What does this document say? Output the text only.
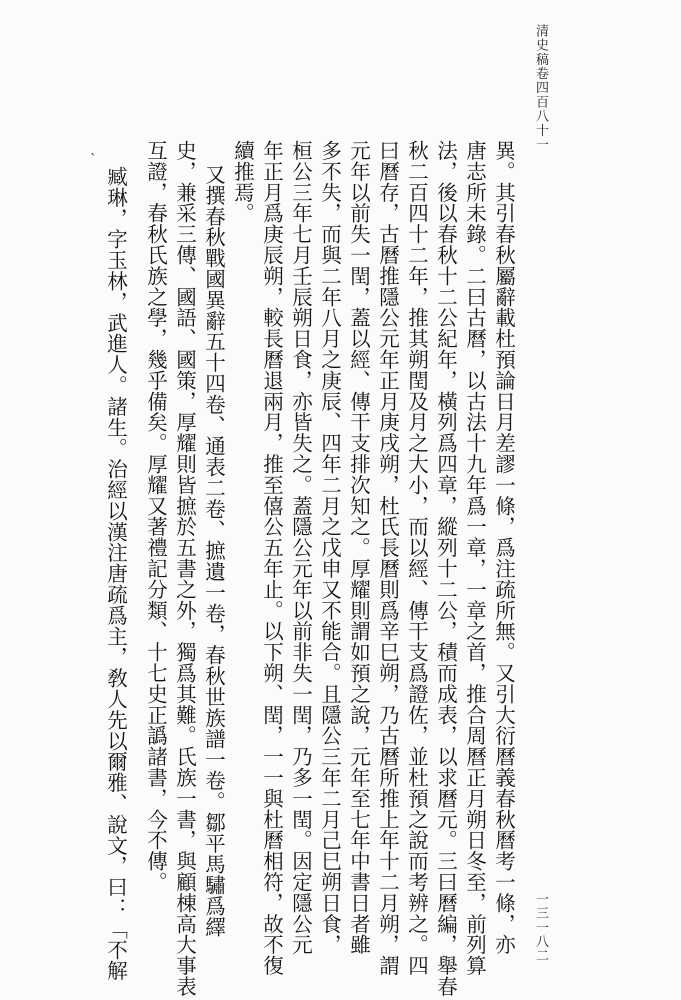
清史稿卷四百八十一
一三一八二
異。其引春秋屬辭載杜預論日月差謬一條，爲注疏所無。又引大衍曆義春秋曆考一條，亦
唐志所未錄。二曰古曆，以古法十九年爲一章，一章之首，推合周曆正月朔日冬至，前列算
法，後以春秋十二公紀年，橫列爲四章，縱列十二公，積而成表，以求曆元。三曰曆編，舉春
秋二百四十二年，推其朔閏及月之大小，而以經、傳干支爲證佐，並杜預之說而考辨之。四
曰曆存，古曆推隱公元年正月庚戌朔，杜氏長曆則爲辛巳朔，乃古曆所推上年十二月朔，謂
元年以前失一閏，蓋以經、傳干支排次知之。厚耀則謂如預之說，元年至七年中書日者雖
多不失，而與二年八月之庚辰、四年二月之戊申又不能合。且隱公三年二月己巳朔日食，
桓公三年七月壬辰朔日食，亦皆失之。蓋隱公元年以前非失一閏，乃多一閏。因定隱公元
年正月爲庚辰朔，較長曆退兩月，推至僖公五年止。以下朔、閏，一一與杜曆相符，故不復
續推焉。
又撰春秋戰國異辭五十四卷、通表二卷、摭遺一卷，春秋世族譜一卷。鄒平馬驌爲繹
史，兼采三傳、國語、國策，厚耀則皆摭於五書之外，獨爲其難。氏族一書，與顧棟高大事表
互證，春秋氏族之學，幾乎備矣。厚耀又著禮記分類、十七史正譌諸書，今不傳。
臧琳，字玉林，武進人。諸生。治經以漢注唐疏爲主，敎人先以爾雅、說文，曰：「不解
ˋ
